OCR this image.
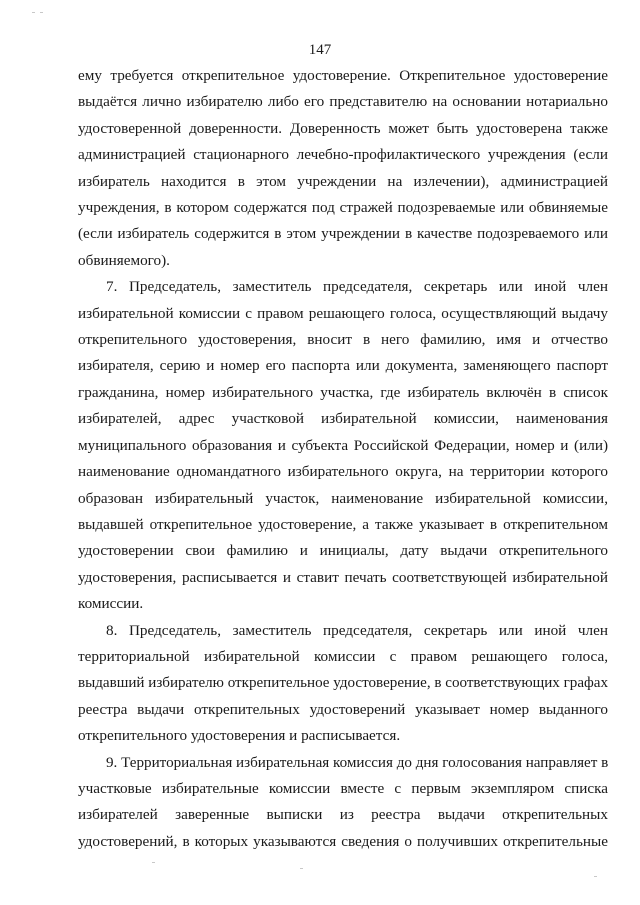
147

ему требуется открепительное удостоверение. Открепительное удостоверение
выдаётся лично избирателю либо его представителю на основании нотариально
удостоверенной доверенности. Доверенность может быть удостоверена также
администрацией стационарного лечебно-профилактического учреждения (если
избиратель находится в этом учреждении на излечении), администрацией
учреждения, в котором содержатся под стражей подозреваемые или обвиняемые
(если избиратель содержится в этом учреждении в качестве подозреваемого или
обвиняемого).

7. Председатель, заместитель председателя, секретарь или иной член
избирательной комиссии с правом решающего голоса, осуществляющий выдачу
открепительного удостоверения, вносит в него фамилию, имя и отчество
избирателя, серию и номер его паспорта или документа, заменяющего паспорт
гражданина, номер избирательного участка, где избиратель включён в список
избирателей, адрес участковой избирательной комиссии, наименования
муниципального образования и субъекта Российской Федерации, номер и (или)
наименование одномандатного избирательного округа, на территории которого
образован избирательный участок, наименование избирательной комиссии,
выдавшей открепительное удостоверение, а также указывает в открепительном
удостоверении свои фамилию и инициалы, дату выдачи открепительного
удостоверения, расписывается и ставит печать соответствующей избирательной
комиссии.

8. Председатель, заместитель председателя, секретарь или иной член
территориальной избирательной комиссии с правом решающего голоса,
выдавший избирателю открепительное удостоверение, в соответствующих графах
реестра выдачи открепительных удостоверений указывает номер выданного
открепительного удостоверения и расписывается.

9. Территориальная избирательная комиссия до дня голосования направляет в
участковые избирательные комиссии вместе с первым экземпляром списка
избирателей заверенные выписки из реестра выдачи открепительных
удостоверений, в которых указываются сведения о получивших открепительные
